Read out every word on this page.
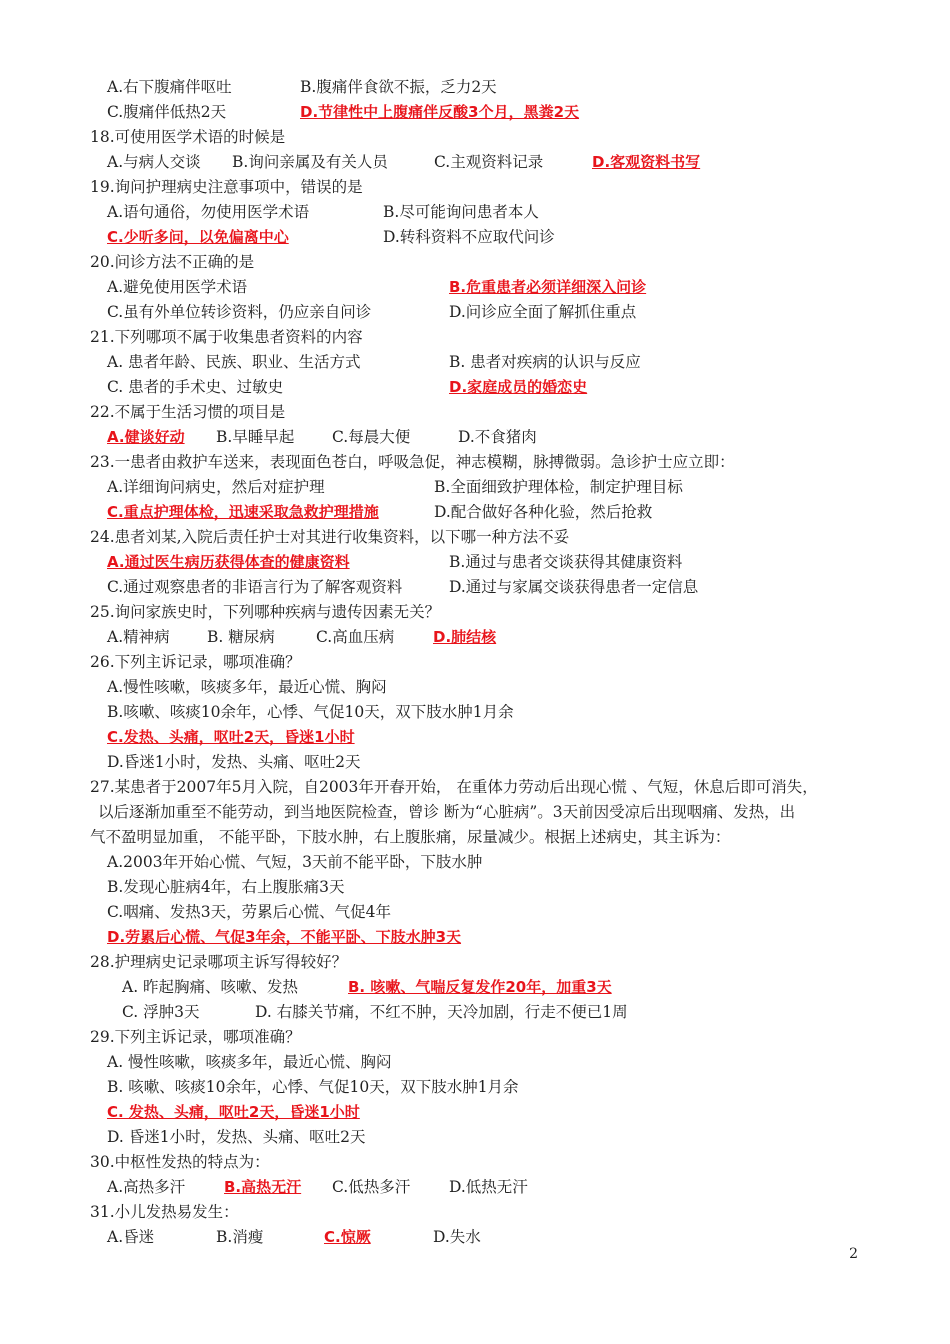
A.右下腹痛伴呕吐	B.腹痛伴食欲不振，乏力2天
C.腹痛伴低热2天	D.节律性中上腹痛伴反酸3个月，黑粪2天
18.可使用医学术语的时候是
A.与病人交谈 B.询问亲属及有关人员	C.主观资料记录	D.客观资料书写
19.询问护理病史注意事项中，错误的是
A.语句通俗，勿使用医学术语	B.尽可能询问患者本人
C.少听多问，以免偏离中心	D.转科资料不应取代问诊
20.问诊方法不正确的是
A.避免使用医学术语	B.危重患者必须详细深入问诊
C.虽有外单位转诊资料，仍应亲自问诊	D.问诊应全面了解抓住重点
21.下列哪项不属于收集患者资料的内容
A. 患者年龄、民族、职业、生活方式	B. 患者对疾病的认识与反应
C. 患者的手术史、过敏史	D.家庭成员的婚恋史
22.不属于生活习惯的项目是
A.健谈好动 B.早睡早起 C.每晨大便	D.不食猪肉
23.一患者由救护车送来，表现面色苍白，呼吸急促，神志模糊，脉搏微弱。急诊护士应立即：
A.详细询问病史，然后对症护理	B.全面细致护理体检，制定护理目标
C.重点护理体检，迅速采取急救护理措施	D.配合做好各种化验，然后抢救
24.患者刘某,入院后责任护士对其进行收集资料，以下哪一种方法不妥
A.通过医生病历获得体查的健康资料	B.通过与患者交谈获得其健康资料
C.通过观察患者的非语言行为了解客观资料	D.通过与家属交谈获得患者一定信息
25.询问家族史时，下列哪种疾病与遗传因素无关？
A.精神病 B. 糖尿病	C.高血压病	D.肺结核
26.下列主诉记录，哪项准确？
A.慢性咳嗽，咳痰多年，最近心慌、胸闷
B.咳嗽、咳痰10余年，心悸、气促10天，双下肢水肿1月余
C.发热、头痛，呕吐2天，昏迷1小时
D.昏迷1小时，发热、头痛、呕吐2天
27.某患者于2007年5月入院，自2003年开春开始， 在重体力劳动后出现心慌 、气短，休息后即可消失，
以后逐渐加重至不能劳动，到当地医院检查，曾诊 断为“心脏病”。3天前因受凉后出现咽痛、发热，出
气不盈明显加重， 不能平卧，下肢水肿，右上腹胀痛，尿量减少。根据上述病史，其主诉为：
A.2003年开始心慌、气短，3天前不能平卧，下肢水肿
B.发现心脏病4年，右上腹胀痛3天
C.咽痛、发热3天，劳累后心慌、气促4年
D.劳累后心慌、气促3年余，不能平卧、下肢水肿3天
28.护理病史记录哪项主诉写得较好？
A. 昨起胸痛、咳嗽、发热	B. 咳嗽、气喘反复发作20年，加重3天
C. 浮肿3天	D. 右膝关节痛，不红不肿，天冷加剧，行走不便已1周
29.下列主诉记录，哪项准确？
A. 慢性咳嗽，咳痰多年，最近心慌、胸闷
B. 咳嗽、咳痰10余年，心悸、气促10天，双下肢水肿1月余
C. 发热、头痛，呕吐2天，昏迷1小时
D. 昏迷1小时，发热、头痛、呕吐2天
30.中枢性发热的特点为：
A.高热多汗	B.高热无汗 C.低热多汗	D.低热无汗
31.小儿发热易发生：
A.昏迷	B.消瘦	C.惊厥	D.失水
2
